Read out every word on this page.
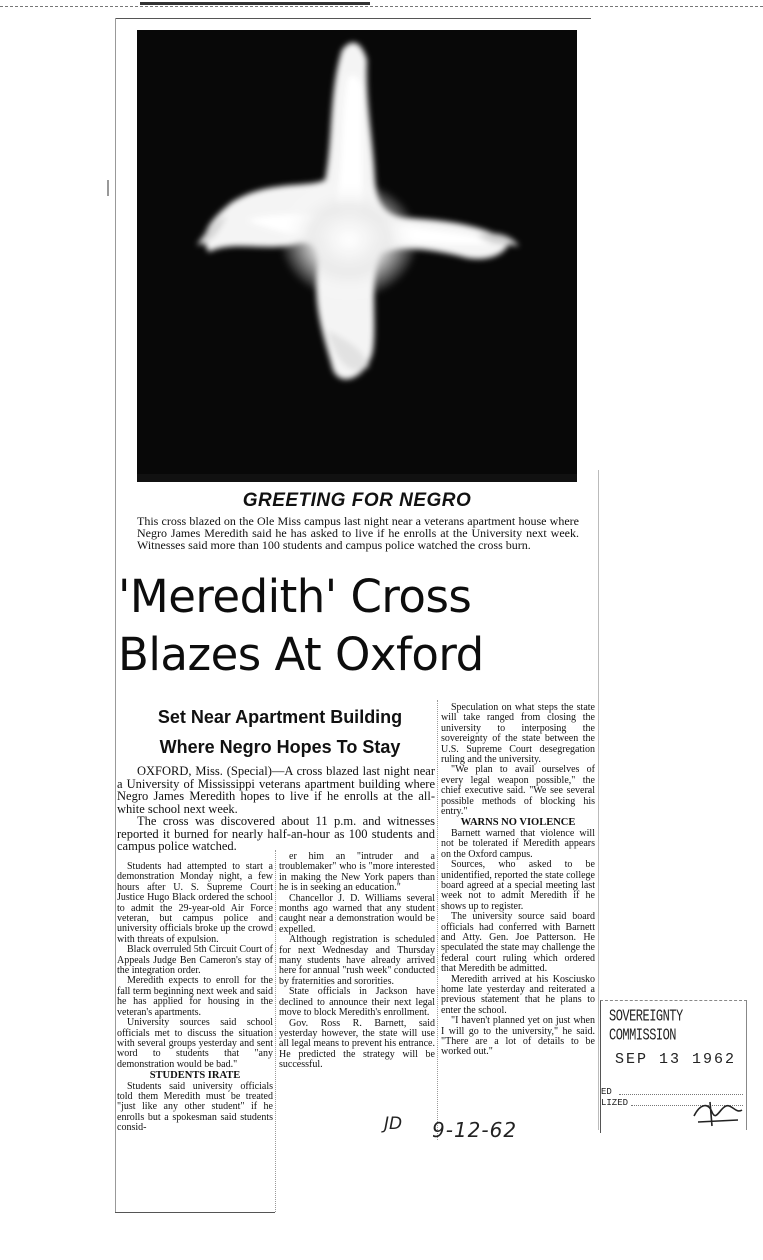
GREETING FOR NEGRO
This cross blazed on the Ole Miss campus last night near a veterans apartment house where Negro James Meredith said he has asked to live if he enrolls at the University next week. Witnesses said more than 100 students and campus police watched the cross burn.
'Meredith' Cross
Blazes At Oxford
Set Near Apartment Building
Where Negro Hopes To Stay

OXFORD, Miss. (Special)—A cross blazed last night near a University of Mississippi veterans apartment building where Negro James Meredith hopes to live if he enrolls at the all-white school next week.

The cross was discovered about 11 p.m. and witnesses reported it burned for nearly half-an-hour as 100 students and campus police watched.

Students had attempted to start a demonstration Monday night, a few hours after U. S. Supreme Court Justice Hugo Black ordered the school to admit the 29-year-old Air Force veteran, but campus police and university officials broke up the crowd with threats of expulsion.

Black overruled 5th Circuit Court of Appeals Judge Ben Cameron's stay of the integration order.

Meredith expects to enroll for the fall term beginning next week and said he has applied for housing in the veteran's apartments.

University sources said school officials met to discuss the situation with several groups yesterday and sent word to students that "any demonstration would be bad."

STUDENTS IRATE

Students said university officials told them Meredith must be treated "just like any other student" if he enrolls but a spokesman said students consid-

er him an "intruder and a troublemaker" who is "more interested in making the New York papers than he is in seeking an education."

Chancellor J. D. Williams several months ago warned that any student caught near a demonstration would be expelled.

Although registration is scheduled for next Wednesday and Thursday many students have already arrived here for annual "rush week" conducted by fraternities and sororities.

State officials in Jackson have declined to announce their next legal move to block Meredith's enrollment.

Gov. Ross R. Barnett, said yesterday however, the state will use all legal means to prevent his entrance. He predicted the strategy will be successful.

Speculation on what steps the state will take ranged from closing the university to interposing the sovereignty of the state between the U.S. Supreme Court desegregation ruling and the university.

"We plan to avail ourselves of every legal weapon possible," the chief executive said. "We see several possible methods of blocking his entry."

WARNS NO VIOLENCE

Barnett warned that violence will not be tolerated if Meredith appears on the Oxford campus.

Sources, who asked to be unidentified, reported the state college board agreed at a special meeting last week not to admit Meredith if he shows up to register.

The university source said board officials had conferred with Barnett and Atty. Gen. Joe Patterson. He speculated the state may challenge the federal court ruling which ordered that Meredith be admitted.

Meredith arrived at his Kosciusko home late yesterday and reiterated a previous statement that he plans to enter the school.

"I haven't planned yet on just when I will go to the university," he said. "There are a lot of details to be worked out."

JD 9-12-62
SOVEREIGNTY COMMISSION
SEP 13 1962
ED
LIZED
